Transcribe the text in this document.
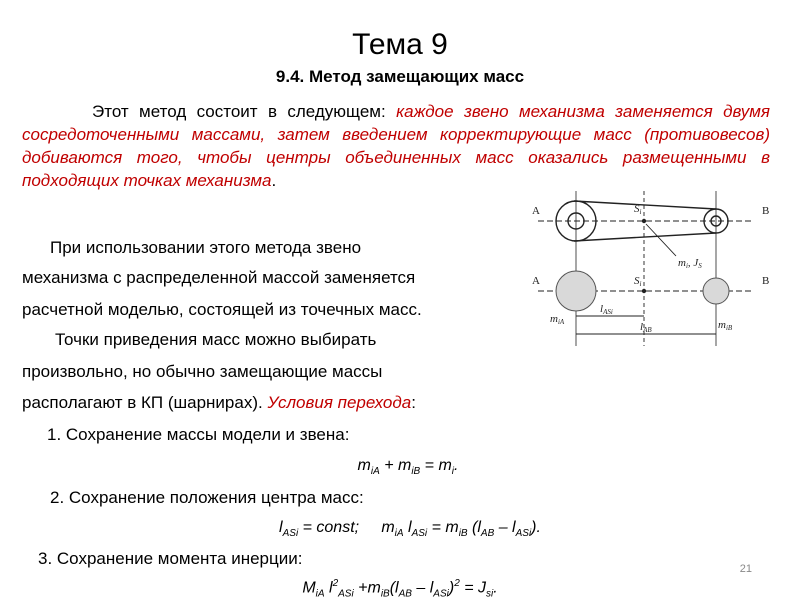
Тема 9
9.4. Метод замещающих масс
Этот метод состоит в следующем: каждое звено механизма заменяется двумя сосредоточенными массами, затем введением корректирующие масс (противовесов) добиваются того, чтобы центры объединенных масс оказались размещенными в подходящих точках механизма.
A	B
Si
mi, JS
A	B
Si
lASi
miA	lAB	miB
При использовании этого метода звено
механизма с распределенной массой заменяется
расчетной моделью, состоящей из точечных масс.
Точки приведения масс можно выбирать
произвольно, но обычно замещающие массы
располагают в КП (шарнирах). Условия перехода:
1. Сохранение массы модели и звена:
$m_{iA} + m_{iB} = m_i$.
2. Сохранение положения центра масс:
$l_{ASi}$ = const;     $m_{iA}$ $l_{ASi} = m_{iB}$ $(l_{AB} - l_{ASi})$.
3. Сохранение момента инерции:
$M_{iA}$ $l^2_{ASi} +m_{iB}(l_{AB} - l_{ASi})^2 = J_{si}$.
21
